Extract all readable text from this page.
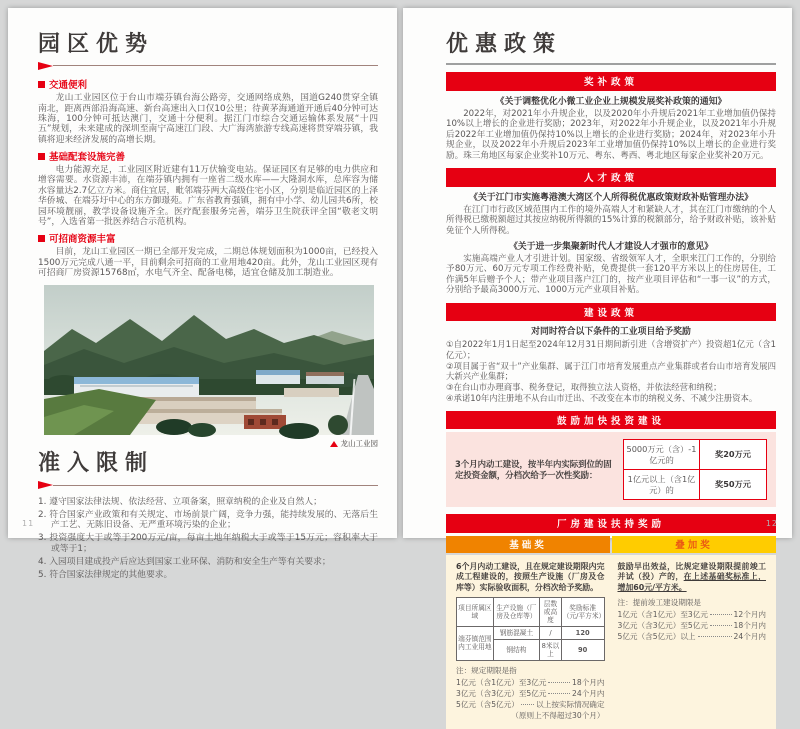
园区优势
交通便利

龙山工业园区位于台山市端芬镇台海公路旁，交通网络成熟，国道G240贯穿全镇南北，距离西部沿海高速、新台高速出入口仅10公里；待黄茅海通道开通后40分钟可达珠海，100分钟可抵达澳门，交通十分便利。据江门市综合交通运输体系发展“十四五”规划，未来建成的深圳至南宁高速江门段、大广海湾旅游专线高速将贯穿端芬镇，我镇将迎来经济发展的高增长期。

基础配套设施完善

电力能源充足，工业园区附近建有11万伏输变电站。保证园区有足够的电力供应和增容需要。水资源丰沛，在端芬镇内拥有一座省二级水库——大隆洞水库，总库容为储水容量达2.7亿立方米。商住宜居，毗邻端芬两大高级住宅小区，分别是临近园区的上泽华侨城、在端芬圩中心的东方御璟苑。广东省教育强镇，拥有中小学、幼儿园共6所，校园环境靓丽，教学设备设施齐全。医疗配套服务完善，端芬卫生院获评全国“敬老文明号”，入选省第一批医养结合示范机构。

可招商资源丰富

目前，龙山工业园区一期已全部开发完成，二期总体规划面积为1000亩，已经投入1500万元完成八通一平，目前剩余可招商的工业用地420亩。此外，龙山工业园区现有可招商厂房资源15768㎡，水电气齐全、配备电梯，适宜仓储及加工制造业。

龙山工业园
准入限制
1. 遵守国家法律法规、依法经营、立项备案，照章纳税的企业及自然人；
2. 符合国家产业政策和有关规定、市场前景广阔，竞争力强，能持续发展的、无落后生产工艺、无陈旧设备、无严重环境污染的企业；
3. 投资强度大于或等于200万元/亩，每亩土地年纳税大于或等于15万元；容积率大于或等于1；
4. 入园项目建成投产后应达到国家工业环保、消防和安全生产等有关要求；
5. 符合国家法律规定的其他要求。
11
优惠政策
奖补政策
《关于调整优化小微工业企业上规模发展奖补政策的通知》

2022年，对2021年小升规企业，以及2020年小升规后2021年工业增加值仍保持10%以上增长的企业进行奖励；2023年，对2022年小升规企业，以及2021年小升规后2022年工业增加值仍保持10%以上增长的企业进行奖励；2024年，对2023年小升规企业，以及2022年小升规后2023年工业增加值仍保持10%以上增长的企业进行奖励。珠三角地区每家企业奖补10万元、粤东、粤西、粤北地区每家企业奖补20万元。

人才政策
《关于江门市实施粤港澳大湾区个人所得税优惠政策财政补贴管理办法》

在江门市行政区域范围内工作的境外高端人才和紧缺人才，其在江门市缴纳的个人所得税已缴税额超过其按应纳税所得额的15%计算的税额部分，给予财政补贴，该补贴免征个人所得税。

《关于进一步集聚新时代人才建设人才强市的意见》

实施高端产业人才引进计划。国家级、省级领军人才，全职来江门工作的，分别给予80万元、60万元专项工作经费补贴，免费提供一套120平方米以上的住房居住，工作满5年后赠予个人；带产业项目落户江门的，按产业项目评估和“一事一议”的方式，分别给予最高3000万元、1000万元产业项目补贴。

建设政策
对同时符合以下条件的工业项目给予奖励
①自2022年1月1日起至2024年12月31日期间新引进（含增资扩产）投资超1亿元（含1亿元）；
②项目属于省“双十”产业集群、属于江门市培育发展重点产业集群或者台山市培育发展四大新兴产业集群；
③在台山市办理商事、税务登记，取得独立法人资格，并依法经营和纳税；
④承诺10年内注册地不从台山市迁出、不改变在本市的纳税义务、不减少注册资本。
鼓励加快投资建设
3个月内动工建设，按半年内实际到位的固定投资金额，分档次给予一次性奖励：
5000万元（含）-1亿元的	奖20万元
1亿元以上（含1亿元）的	奖50万元
厂房建设扶持奖励
基础奖	叠加奖
6个月内动工建设，且在规定建设期限内完成工程建设的，按照生产设施（厂房及仓库等）实际验收面积，分档次给予奖励。
项目所属区域	生产设施（厂房及仓库等）	层数或高度	奖励标准（元/平方米）
端芬镇范围内工业用地	钢筋混凝土	/	120
	钢结构	8米以上	90
注：规定期限是指
1亿元（含1亿元）至3亿元	18个月内
3亿元（含3亿元）至5亿元	24个月内
5亿元（含5亿元） 以上按实际情况确定
（原则上不得超过30个月）
鼓励早出效益，比规定建设期限提前竣工并试（投）产的，在上述基础奖标准上，增加60元/平方米。
注：提前竣工建设期限是
1亿元（含1亿元）至3亿元	12个月内
3亿元（含3亿元）至5亿元	18个月内
5亿元（含5亿元）以上	24个月内
12
